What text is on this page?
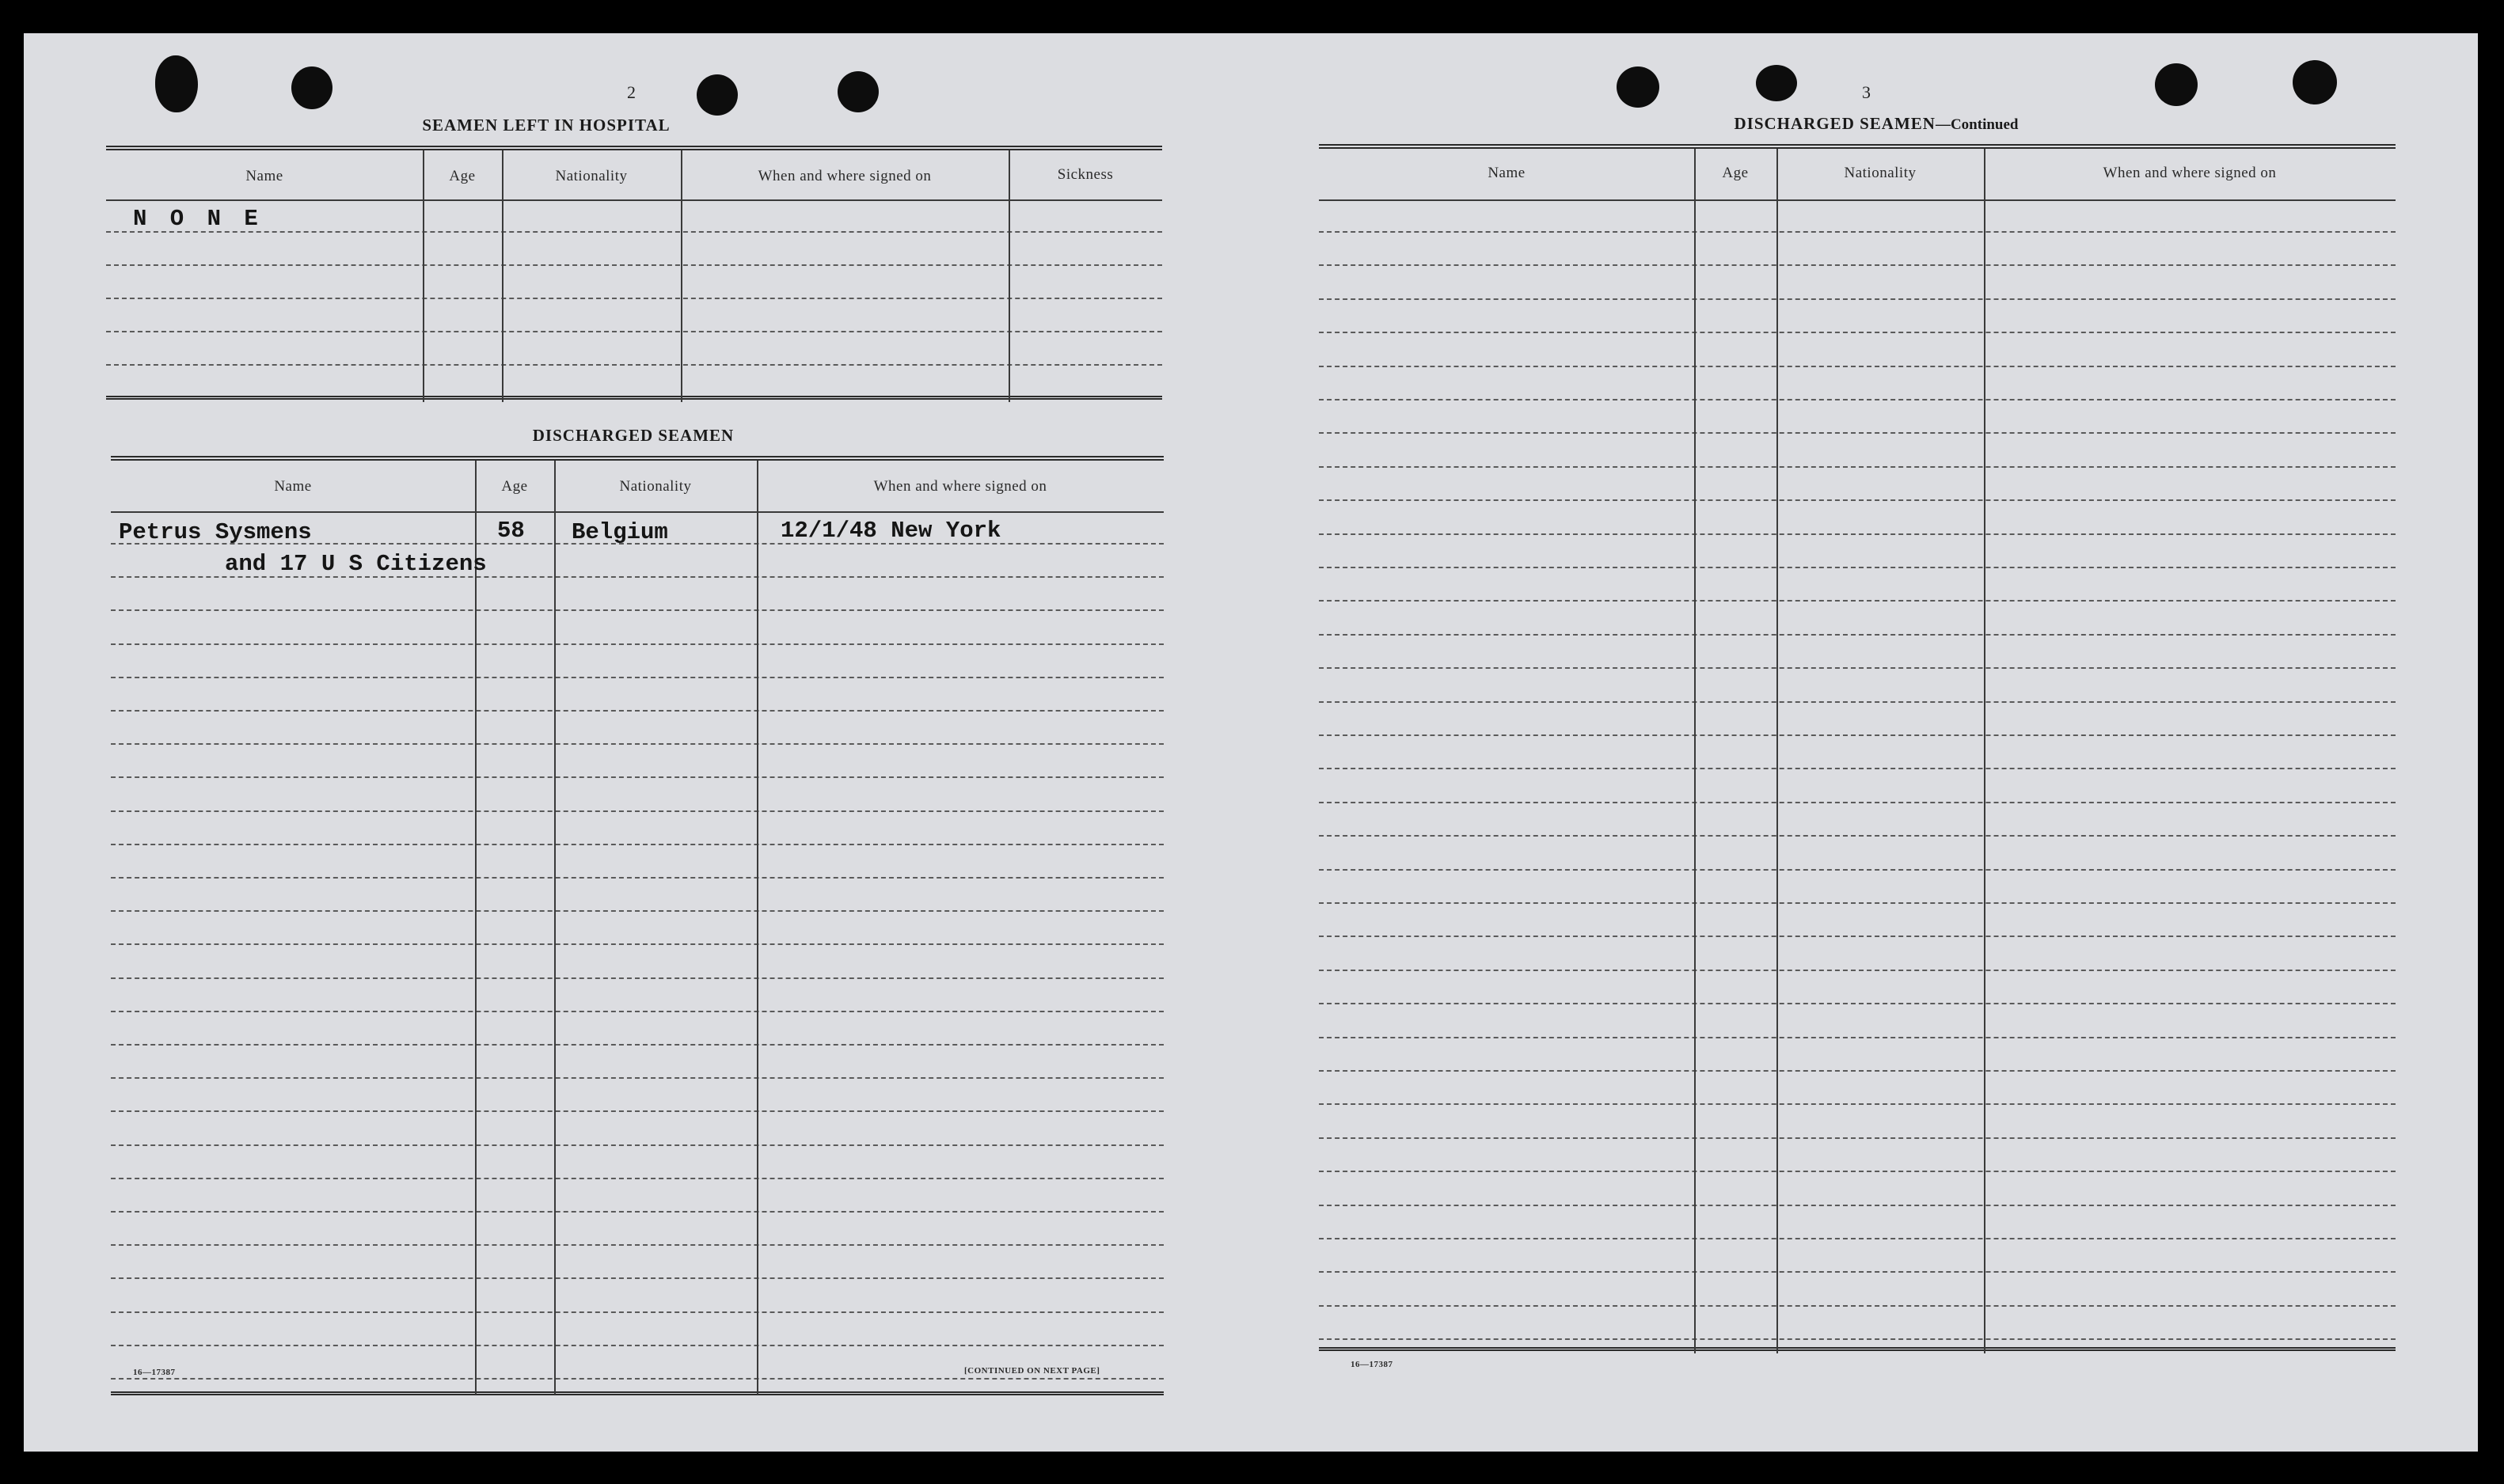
2
SEAMEN LEFT IN HOSPITAL
Name	Age	Nationality	When and where signed on	Sickness
N O N E
DISCHARGED SEAMEN
Name	Age	Nationality	When and where signed on
Petrus Sysmens	58 Belgium	12/1/48 New York
and 17 U S Citizens
16—17387	[CONTINUED ON NEXT PAGE]
3
DISCHARGED SEAMEN—Continued
Name	Age	Nationality	When and where signed on
16—17387
